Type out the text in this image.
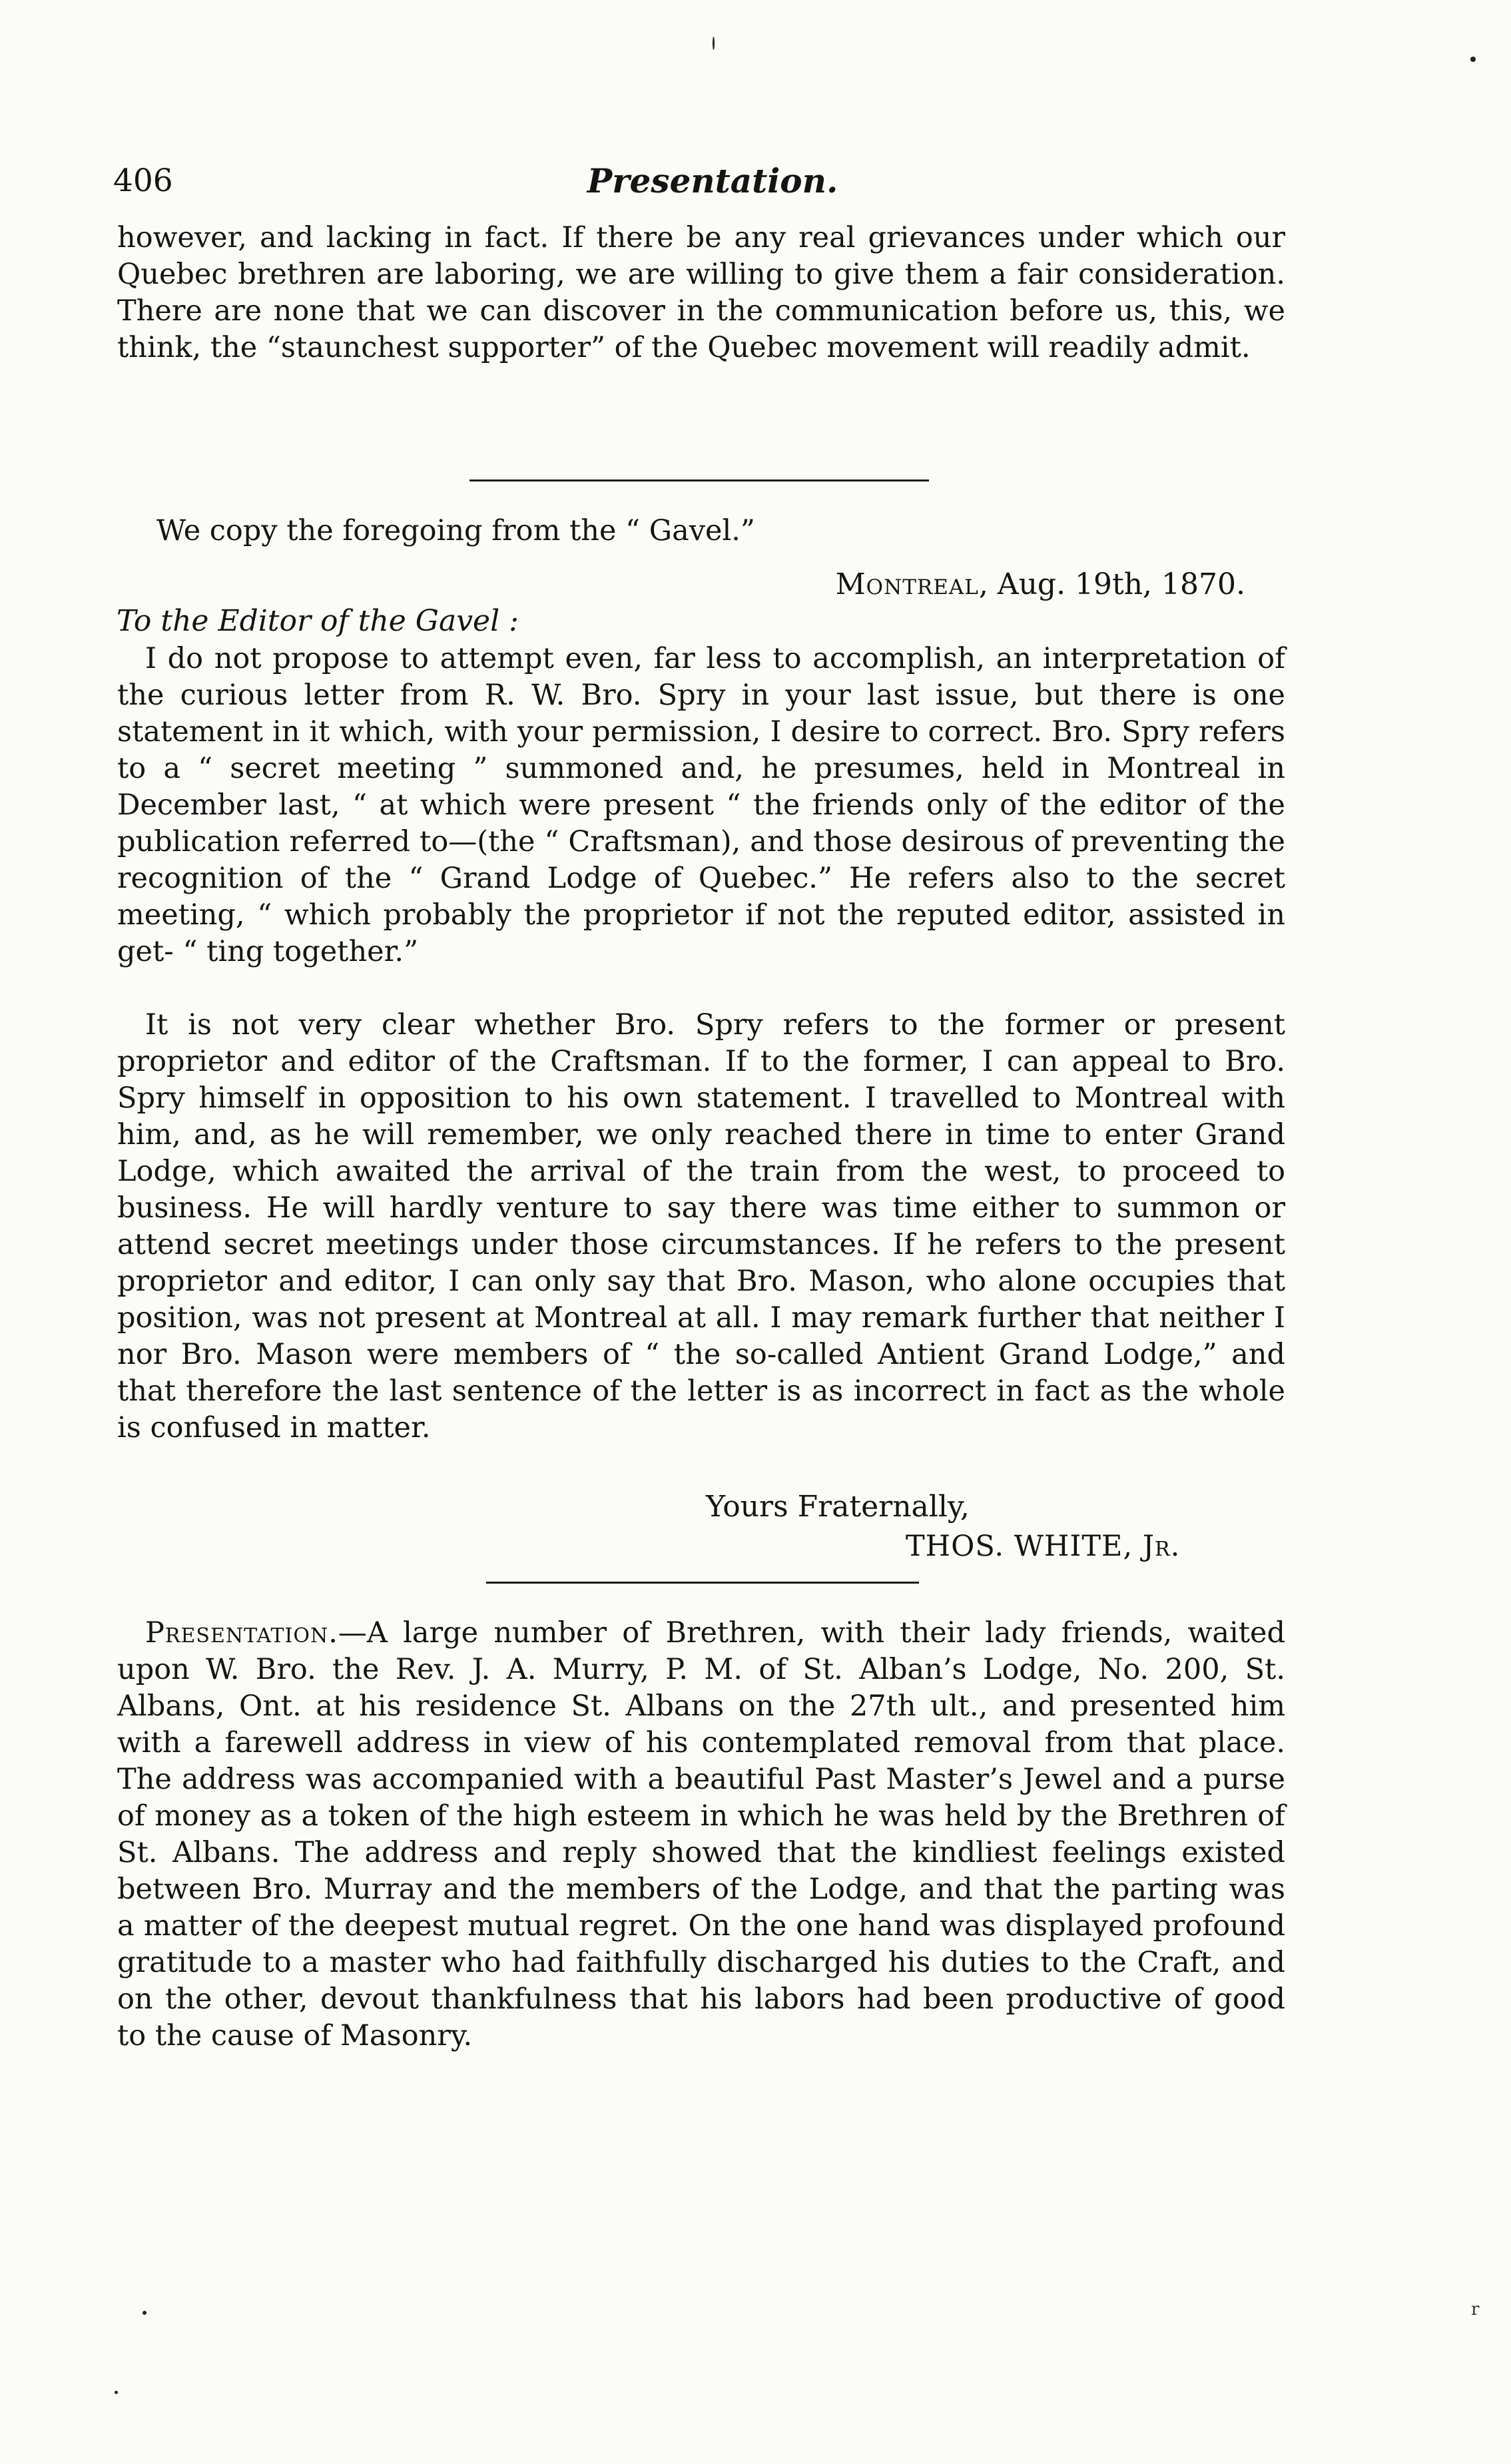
406	Presentation.
however, and lacking in fact. If there be any real grievances under which our Quebec brethren are laboring, we are willing to give them a fair consideration. There are none that we can discover in the communication before us, this, we think, the “staunchest supporter” of the Quebec movement will readily admit.
We copy the foregoing from the “ Gavel.”
Montreal, Aug. 19th, 1870.
To the Editor of the Gavel :
I do not propose to attempt even, far less to accomplish, an interpretation of the curious letter from R. W. Bro. Spry in your last issue, but there is one statement in it which, with your permission, I desire to correct. Bro. Spry refers to a “ secret meeting ” summoned and, he presumes, held in Montreal in December last, “ at which were present “ the friends only of the editor of the publication referred to—(the “ Craftsman), and those desirous of preventing the recognition of the “ Grand Lodge of Quebec.” He refers also to the secret meeting, “ which probably the proprietor if not the reputed editor, assisted in get- “ ting together.”
It is not very clear whether Bro. Spry refers to the former or present proprietor and editor of the Craftsman. If to the former, I can appeal to Bro. Spry himself in opposition to his own statement. I travelled to Montreal with him, and, as he will remember, we only reached there in time to enter Grand Lodge, which awaited the arrival of the train from the west, to proceed to business. He will hardly venture to say there was time either to summon or attend secret meetings under those circumstances. If he refers to the present proprietor and editor, I can only say that Bro. Mason, who alone occupies that position, was not present at Montreal at all. I may remark further that neither I nor Bro. Mason were members of “ the so-called Antient Grand Lodge,” and that therefore the last sentence of the letter is as incorrect in fact as the whole is confused in matter.
Yours Fraternally,
THOS. WHITE, Jr.
Presentation.—A large number of Brethren, with their lady friends, waited upon W. Bro. the Rev. J. A. Murry, P. M. of St. Alban’s Lodge, No. 200, St. Albans, Ont. at his residence St. Albans on the 27th ult., and presented him with a farewell address in view of his contemplated removal from that place. The address was accompanied with a beautiful Past Master’s Jewel and a purse of money as a token of the high esteem in which he was held by the Brethren of St. Albans. The address and reply showed that the kindliest feelings existed between Bro. Murray and the members of the Lodge, and that the parting was a matter of the deepest mutual regret. On the one hand was displayed profound gratitude to a master who had faithfully discharged his duties to the Craft, and on the other, devout thankfulness that his labors had been productive of good to the cause of Masonry.
r
